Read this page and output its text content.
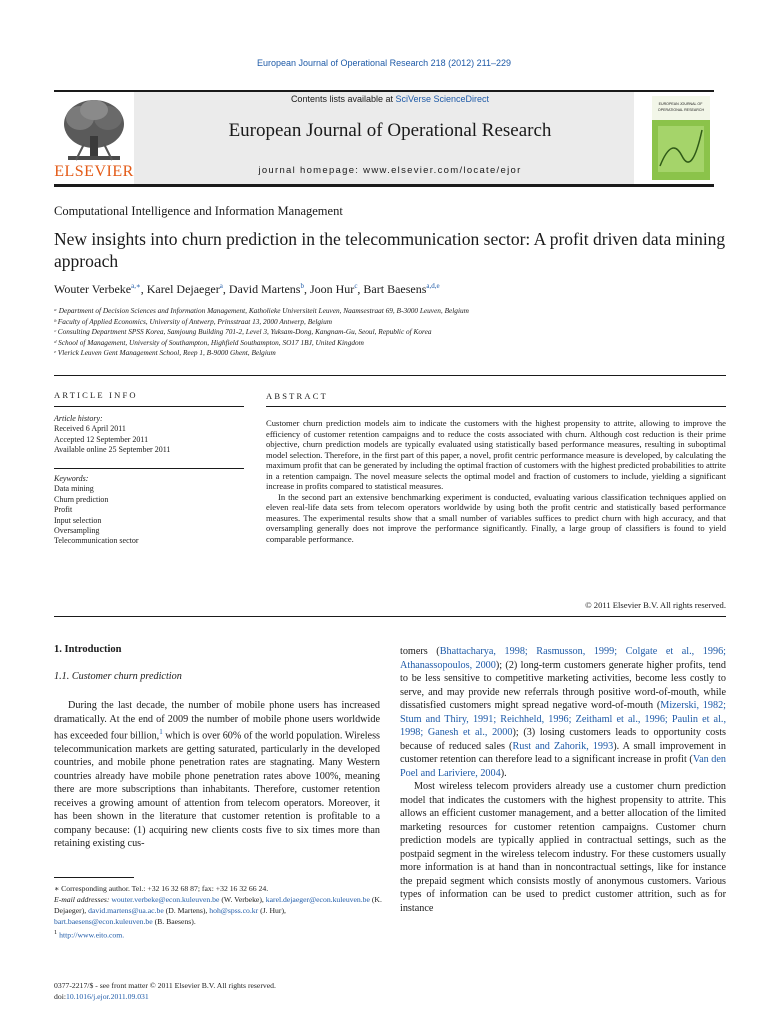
European Journal of Operational Research 218 (2012) 211–229
ELSEVIER
Contents lists available at SciVerse ScienceDirect
European Journal of Operational Research
journal homepage: www.elsevier.com/locate/ejor
EUROPEAN JOURNAL OF OPERATIONAL RESEARCH
Computational Intelligence and Information Management
New insights into churn prediction in the telecommunication sector: A profit driven data mining approach
Wouter Verbeke$^{a,∗}$, Karel Dejaeger$^a$, David Martens$^b$, Joon Hur$^c$, Bart Baesens$^{a,d,e}$
ᵃ Department of Decision Sciences and Information Management, Katholieke Universiteit Leuven, Naamsestraat 69, B-3000 Leuven, Belgium
ᵇ Faculty of Applied Economics, University of Antwerp, Prinsstraat 13, 2000 Antwerp, Belgium
ᶜ Consulting Department SPSS Korea, Samjoung Building 701-2, Level 3, Yuksam-Dong, Kangnam-Gu, Seoul, Republic of Korea
ᵈ School of Management, University of Southampton, Highfield Southampton, SO17 1BJ, United Kingdom
ᵉ Vlerick Leuven Gent Management School, Reep 1, B-9000 Ghent, Belgium
ARTICLE INFO	ABSTRACT
Article history:
Received 6 April 2011
Accepted 12 September 2011
Available online 25 September 2011
Keywords:
Data mining
Churn prediction
Profit
Input selection
Oversampling
Telecommunication sector

Customer churn prediction models aim to indicate the customers with the highest propensity to attrite, allowing to improve the efficiency of customer retention campaigns and to reduce the costs associated with churn. Although cost reduction is their prime objective, churn prediction models are typically evaluated using statistically based performance measures, resulting in suboptimal model selection. Therefore, in the first part of this paper, a novel, profit centric performance measure is developed, by calculating the maximum profit that can be generated by including the optimal fraction of customers with the highest predicted probabilities to attrite in a retention campaign. The novel measure selects the optimal model and fraction of customers to include, yielding a significant increase in profits compared to statistical measures.

In the second part an extensive benchmarking experiment is conducted, evaluating various classification techniques applied on eleven real-life data sets from telecom operators worldwide by using both the profit centric and statistically based performance measures. The experimental results show that a small number of variables suffices to predict churn with high accuracy, and that oversampling generally does not improve the performance significantly. Finally, a large group of classifiers is found to yield comparable performance.

© 2011 Elsevier B.V. All rights reserved.
1. Introduction
1.1. Customer churn prediction

During the last decade, the number of mobile phone users has increased dramatically. At the end of 2009 the number of mobile phone users worldwide has exceeded four billion,$^1$ which is over 60% of the world population. Wireless telecommunication markets are getting saturated, particularly in the developed countries, and mobile phone penetration rates are stagnating. Many Western countries already have mobile phone penetration rates above 100%, meaning there are more subscriptions than inhabitants. Therefore, customer retention receives a growing amount of attention from telecom operators. Moreover, it has been shown in the literature that customer retention is profitable to a company because: (1) acquiring new clients costs five to six times more than retaining existing cus-

tomers (Bhattacharya, 1998; Rasmusson, 1999; Colgate et al., 1996; Athanassopoulos, 2000); (2) long-term customers generate higher profits, tend to be less sensitive to competitive marketing activities, become less costly to serve, and may provide new referrals through positive word-of-mouth, while dissatisfied customers might spread negative word-of-mouth (Mizerski, 1982; Stum and Thiry, 1991; Reichheld, 1996; Zeithaml et al., 1996; Paulin et al., 1998; Ganesh et al., 2000); (3) losing customers leads to opportunity costs because of reduced sales (Rust and Zahorik, 1993). A small improvement in customer retention can therefore lead to a significant increase in profit (Van den Poel and Lariviere, 2004).

Most wireless telecom providers already use a customer churn prediction model that indicates the customers with the highest propensity to attrite. This allows an efficient customer management, and a better allocation of the limited marketing resources for customer retention campaigns. Customer churn prediction models are typically applied in contractual settings, such as the postpaid segment in the wireless telecom industry. For these customers usually more information is at hand than in noncontractual settings, like for instance the prepaid segment which consists mostly of anonymous customers. Various types of information can be used to predict customer attrition, such as for instance

∗ Corresponding author. Tel.: +32 16 32 68 87; fax: +32 16 32 66 24.

E-mail addresses: wouter.verbeke@econ.kuleuven.be (W. Verbeke), karel.dejaeger@econ.kuleuven.be (K. Dejaeger), david.martens@ua.ac.be (D. Martens), hoh@spss.co.kr (J. Hur), bart.baesens@econ.kuleuven.be (B. Baesens).

$^1$ http://www.eito.com.

0377-2217/$ - see front matter © 2011 Elsevier B.V. All rights reserved.
doi:10.1016/j.ejor.2011.09.031
